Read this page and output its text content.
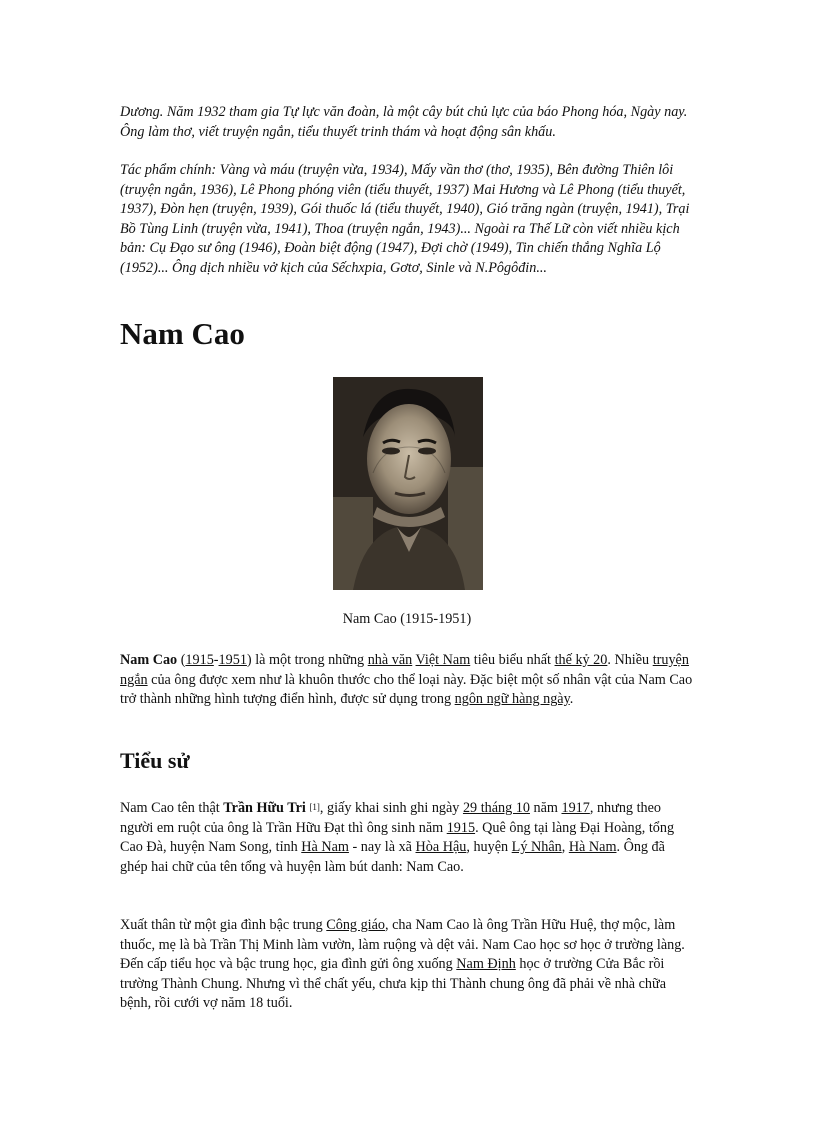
Dương. Năm 1932 tham gia Tự lực văn đoàn, là một cây bút chủ lực của báo Phong hóa, Ngày nay. Ông làm thơ, viết truyện ngắn, tiểu thuyết trinh thám và hoạt động sân khấu.

Tác phẩm chính: Vàng và máu (truyện vừa, 1934), Mấy vần thơ (thơ, 1935), Bên đường Thiên lôi (truyện ngắn, 1936), Lê Phong phóng viên (tiểu thuyết, 1937) Mai Hương và Lê Phong (tiểu thuyết, 1937), Đòn hẹn (truyện, 1939), Gói thuốc lá (tiểu thuyết, 1940), Gió trăng ngàn (truyện, 1941), Trại Bồ Tùng Linh (truyện vừa, 1941), Thoa (truyện ngắn, 1943)... Ngoài ra Thế Lữ còn viết nhiều kịch bản: Cụ Đạo sư ông (1946), Đoàn biệt động (1947), Đợi chờ (1949), Tin chiến thắng Nghĩa Lộ (1952)... Ông dịch nhiều vở kịch của Sếchxpia, Gơtơ, Sinle và N.Pôgôđin...

Nam Cao

Nam Cao (1915-1951)

Nam Cao (1915-1951) là một trong những nhà văn Việt Nam tiêu biểu nhất thế kỷ 20. Nhiều truyện ngắn của ông được xem như là khuôn thước cho thể loại này. Đặc biệt một số nhân vật của Nam Cao trở thành những hình tượng điển hình, được sử dụng trong ngôn ngữ hàng ngày.

Tiểu sử

Nam Cao tên thật Trần Hữu Tri [1], giấy khai sinh ghi ngày 29 tháng 10 năm 1917, nhưng theo người em ruột của ông là Trần Hữu Đạt thì ông sinh năm 1915. Quê ông tại làng Đại Hoàng, tổng Cao Đà, huyện Nam Song, tỉnh Hà Nam - nay là xã Hòa Hậu, huyện Lý Nhân, Hà Nam. Ông đã ghép hai chữ của tên tổng và huyện làm bút danh: Nam Cao.

Xuất thân từ một gia đình bậc trung Công giáo, cha Nam Cao là ông Trần Hữu Huệ, thợ mộc, làm thuốc, mẹ là bà Trần Thị Minh làm vườn, làm ruộng và dệt vải. Nam Cao học sơ học ở trường làng. Đến cấp tiểu học và bậc trung học, gia đình gửi ông xuống Nam Định học ở trường Cửa Bắc rồi trường Thành Chung. Nhưng vì thể chất yếu, chưa kịp thi Thành chung ông đã phải về nhà chữa bệnh, rồi cưới vợ năm 18 tuổi.
